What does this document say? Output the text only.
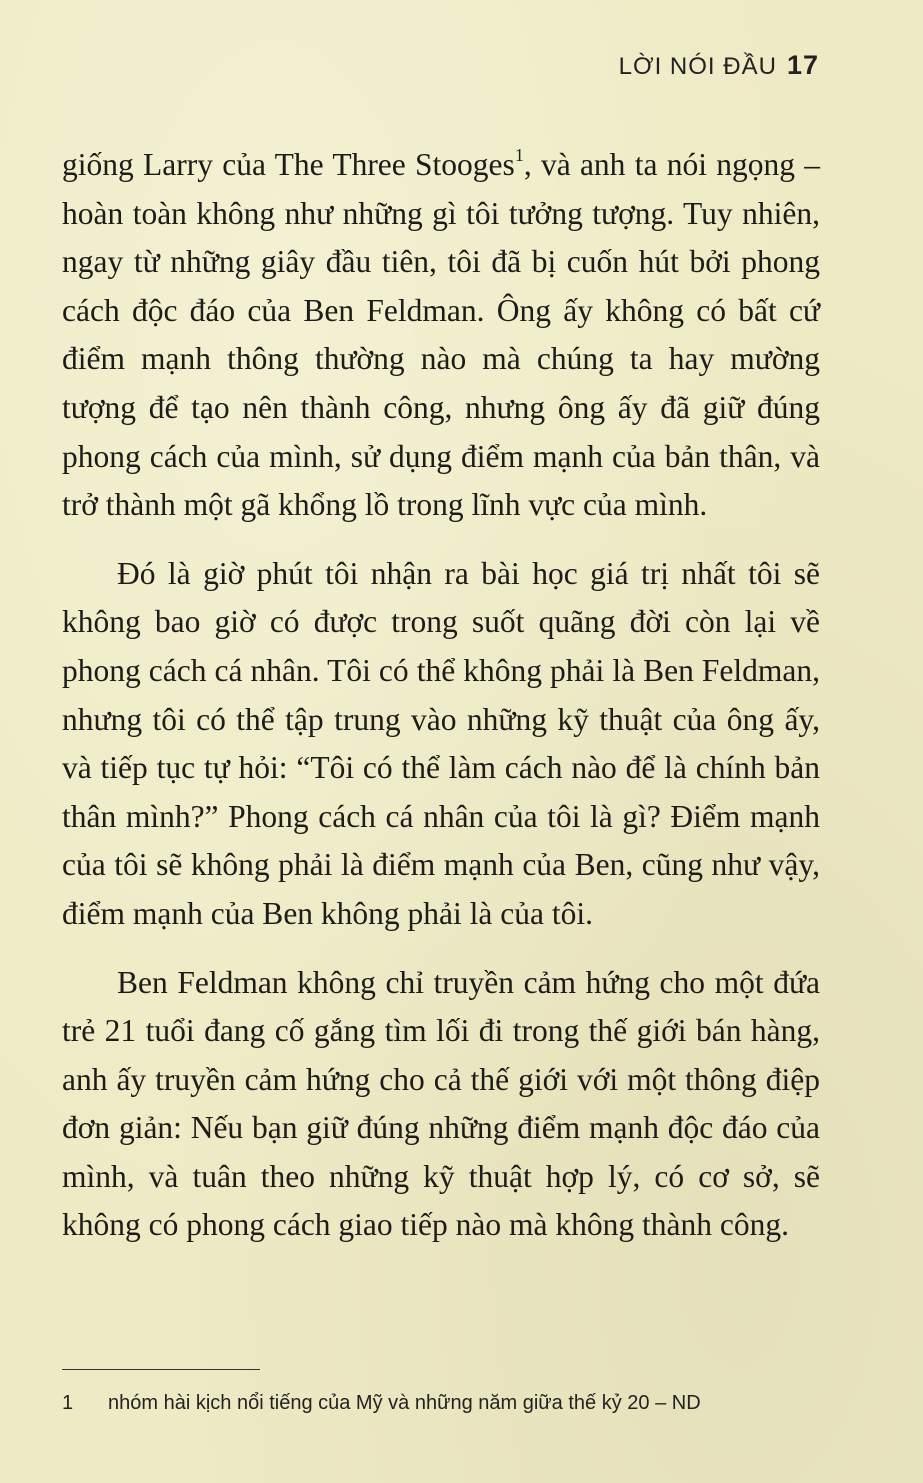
LỜI NÓI ĐẦU 17

giống Larry của The Three Stooges$^1$, và anh ta nói ngọng – hoàn toàn không như những gì tôi tưởng tượng. Tuy nhiên, ngay từ những giây đầu tiên, tôi đã bị cuốn hút bởi phong cách độc đáo của Ben Feldman. Ông ấy không có bất cứ điểm mạnh thông thường nào mà chúng ta hay mường tượng để tạo nên thành công, nhưng ông ấy đã giữ đúng phong cách của mình, sử dụng điểm mạnh của bản thân, và trở thành một gã khổng lồ trong lĩnh vực của mình.

Đó là giờ phút tôi nhận ra bài học giá trị nhất tôi sẽ không bao giờ có được trong suốt quãng đời còn lại về phong cách cá nhân. Tôi có thể không phải là Ben Feldman, nhưng tôi có thể tập trung vào những kỹ thuật của ông ấy, và tiếp tục tự hỏi: “Tôi có thể làm cách nào để là chính bản thân mình?” Phong cách cá nhân của tôi là gì? Điểm mạnh của tôi sẽ không phải là điểm mạnh của Ben, cũng như vậy, điểm mạnh của Ben không phải là của tôi.

Ben Feldman không chỉ truyền cảm hứng cho một đứa trẻ 21 tuổi đang cố gắng tìm lối đi trong thế giới bán hàng, anh ấy truyền cảm hứng cho cả thế giới với một thông điệp đơn giản: Nếu bạn giữ đúng những điểm mạnh độc đáo của mình, và tuân theo những kỹ thuật hợp lý, có cơ sở, sẽ không có phong cách giao tiếp nào mà không thành công.

1 nhóm hài kịch nổi tiếng của Mỹ và những năm giữa thế kỷ 20 – ND
